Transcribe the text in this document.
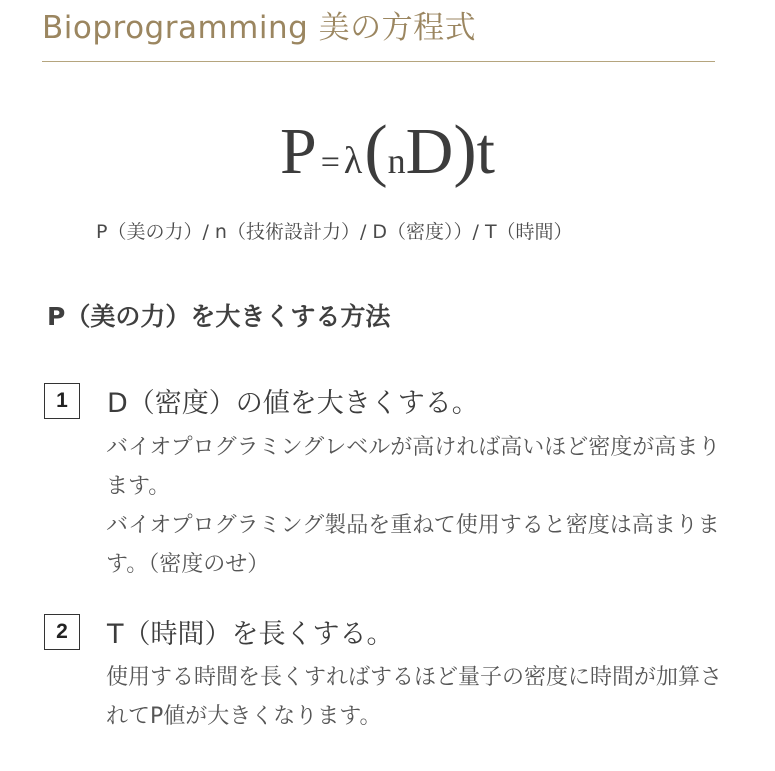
Bioprogramming 美の方程式
P = λ(nD)t
P（美の力）/ n（技術設計力）/ D（密度））/ T（時間）
P（美の力）を大きくする方法
1	D（密度）の値を大きくする。

バイオプログラミングレベルが高ければ高いほど密度が高まります。

バイオプログラミング製品を重ねて使用すると密度は高まります。（密度のせ）

2	T（時間）を長くする。

使用する時間を長くすればするほど量子の密度に時間が加算されてP値が大きくなります。
